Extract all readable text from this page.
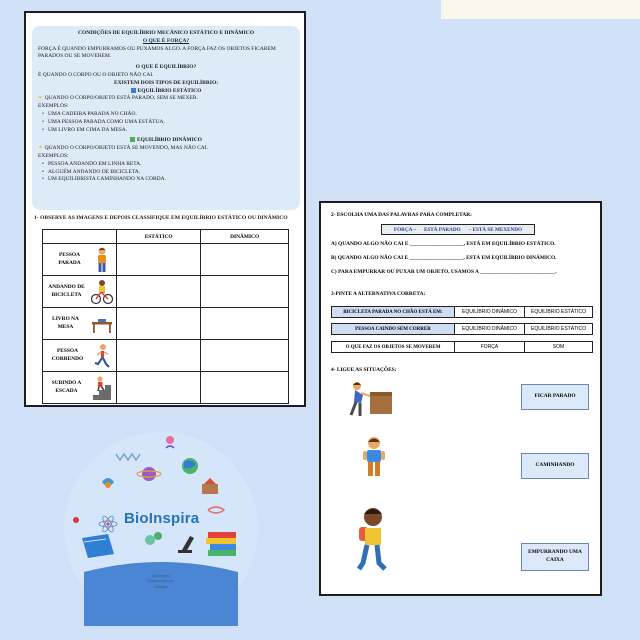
CONDIÇÕES DE EQUILÍBRIO MECÂNICO ESTÁTICO E DINÂMICO

O QUE É FORÇA?

FORÇA É QUANDO EMPURRAMOS OU PUXAMOS ALGO. A FORÇA FAZ OS OBJETOS FICAREM PARADOS OU SE MOVEREM.

O QUE É EQUILÍBRIO?

É QUANDO O CORPO OU O OBJETO NÃO CAI.

EXISTEM DOIS TIPOS DE EQUILÍBRIO:

EQUILÍBRIO ESTÁTICO

✶ QUANDO O CORPO/OBJETO ESTÁ PARADO, SEM SE MEXER.

EXEMPLOS:

• UMA CADEIRA PARADA NO CHÃO.

• UMA PESSOA PARADA COMO UMA ESTÁTUA.

• UM LIVRO EM CIMA DA MESA.

EQUILÍBRIO DINÂMICO

✶ QUANDO O CORPO/OBJETO ESTÁ SE MOVENDO, MAS NÃO CAI.

EXEMPLOS:

• PESSOA ANDANDO EM LINHA RETA.

• ALGUÉM ANDANDO DE BICICLETA.

• UM EQUILIBRISTA CAMINHANDO NA CORDA.

1- OBSERVE AS IMAGENS E DEPOIS CLASSIFIQUE EM EQUILÍBRIO ESTÁTICO OU DINÂMICO
	ESTÁTICO	DINÂMICO

PESSOA PARADA		

ANDANDO DE BICICLETA		

LIVRO NA MESA		

PESSOA CORRENDO		

SUBINDO A ESCADA		

2- ESCOLHA UMA DAS PALAVRAS PARA COMPLETAR:
FORÇA – ESTÁ PARADO – ESTÁ SE MEXENDO
A) QUANDO ALGO NÃO CAI E ____________________, ESTÁ EM EQUILÍBRIO ESTÁTICO.
B) QUANDO ALGO NÃO CAI E ____________________, ESTÁ EM EQUILÍBRIO DINÂMICO.
C) PARA EMPURRAR OU PUXAR UM OBJETO, USAMOS A ____________________________.
3-PINTE A ALTERNATIVA CORRETA:
BICICLETA PARADA NO CHÃO ESTÁ EM:	EQUILÍBRIO DINÂMICO	EQUILÍBRIO ESTÁTICO
PESSOA CAINDO SEM CORRER	EQUILÍBRIO DINÂMICO	EQUILÍBRIO ESTÁTICO
O QUE FAZ OS OBJETOS SE MOVEREM	FORÇA	SOM
4- LIGUE AS SITUAÇÕES:
FICAR PARADO
CAMINHANDO
EMPURRANDO UMA CAIXA
BioInspira
@bioinspira
Desenvolvido por:
Natasha
